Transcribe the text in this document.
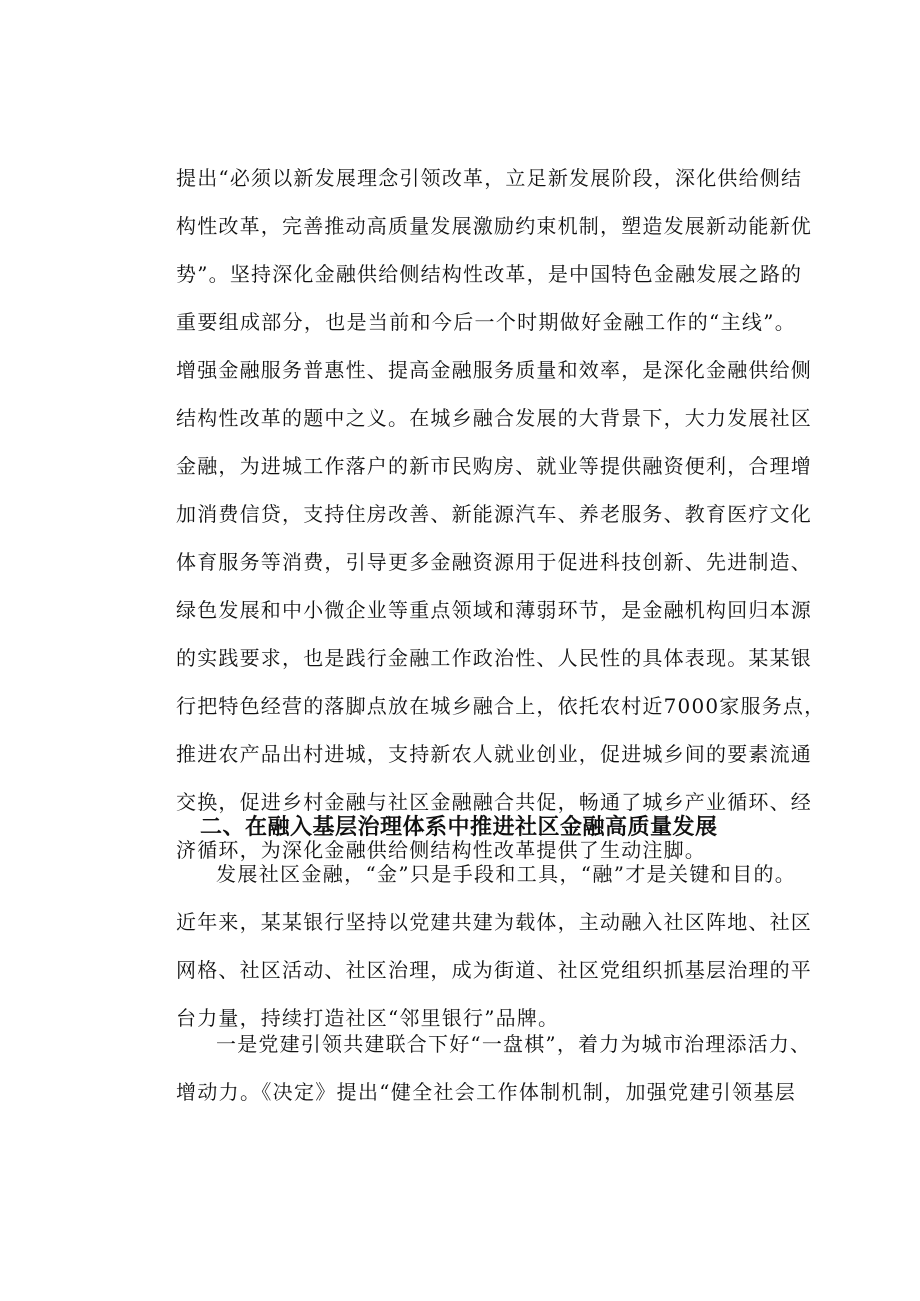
提出“必须以新发展理念引领改革，立足新发展阶段，深化供给侧结
构性改革，完善推动高质量发展激励约束机制，塑造发展新动能新优
势”。坚持深化金融供给侧结构性改革，是中国特色金融发展之路的
重要组成部分，也是当前和今后一个时期做好金融工作的“主线”。
增强金融服务普惠性、提高金融服务质量和效率，是深化金融供给侧
结构性改革的题中之义。在城乡融合发展的大背景下，大力发展社区
金融，为进城工作落户的新市民购房、就业等提供融资便利，合理增
加消费信贷，支持住房改善、新能源汽车、养老服务、教育医疗文化
体育服务等消费，引导更多金融资源用于促进科技创新、先进制造、
绿色发展和中小微企业等重点领域和薄弱环节，是金融机构回归本源
的实践要求，也是践行金融工作政治性、人民性的具体表现。某某银
行把特色经营的落脚点放在城乡融合上，依托农村近7000家服务点，
推进农产品出村进城，支持新农人就业创业，促进城乡间的要素流通
交换，促进乡村金融与社区金融融合共促，畅通了城乡产业循环、经
济循环，为深化金融供给侧结构性改革提供了生动注脚。
二、在融入基层治理体系中推进社区金融高质量发展
发展社区金融，“金”只是手段和工具，“融”才是关键和目的。
近年来，某某银行坚持以党建共建为载体，主动融入社区阵地、社区
网格、社区活动、社区治理，成为街道、社区党组织抓基层治理的平
台力量，持续打造社区“邻里银行”品牌。
一是党建引领共建联合下好“一盘棋”，着力为城市治理添活力、
增动力。《决定》提出“健全社会工作体制机制，加强党建引领基层
